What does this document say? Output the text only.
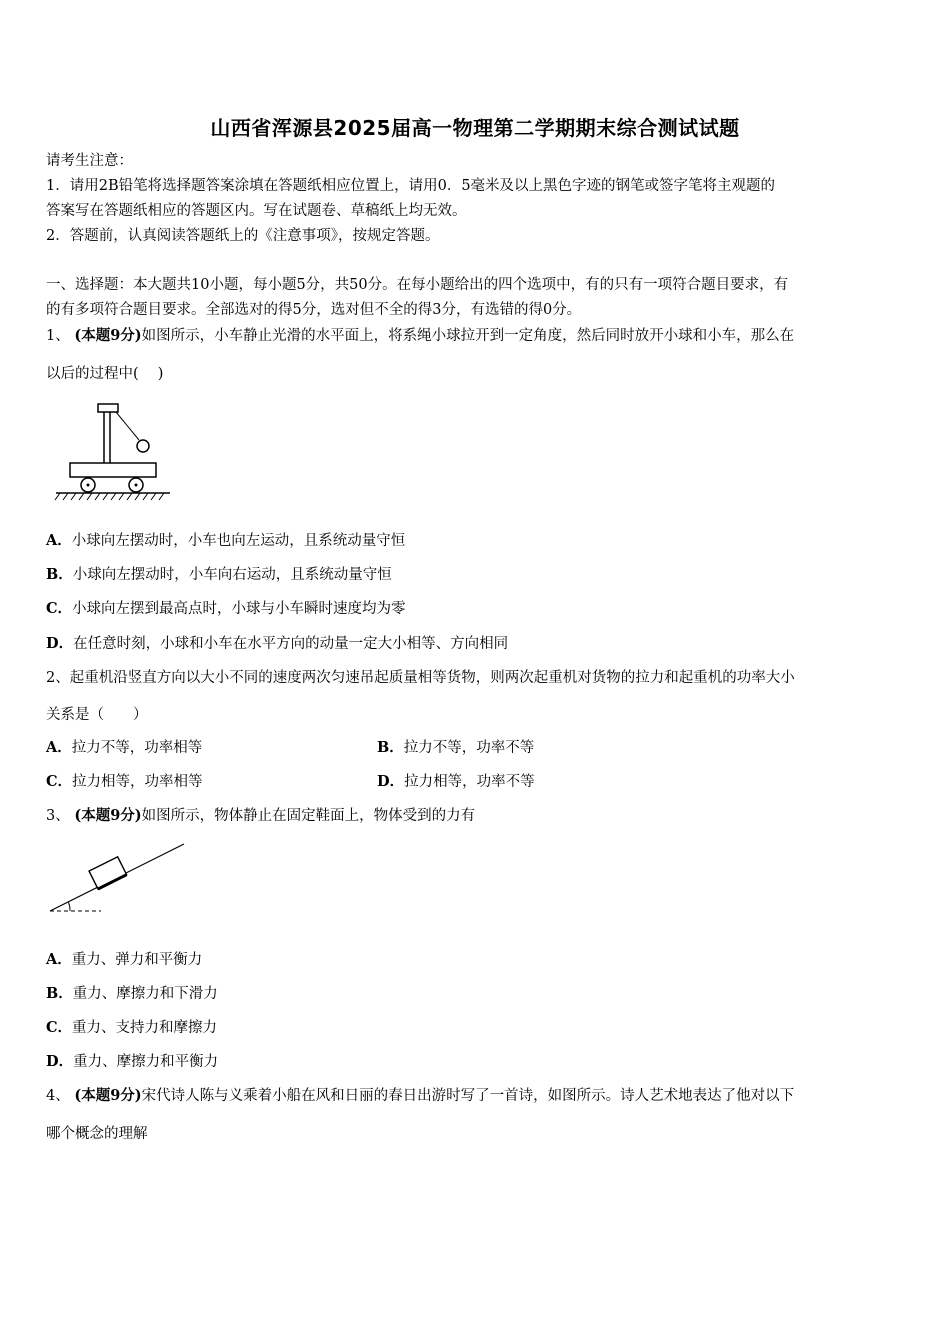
山西省浑源县2025届高一物理第二学期期末综合测试试题
请考生注意：
1．请用2B铅笔将选择题答案涂填在答题纸相应位置上，请用0．5毫米及以上黑色字迹的钢笔或签字笔将主观题的
答案写在答题纸相应的答题区内。写在试题卷、草稿纸上均无效。
2．答题前，认真阅读答题纸上的《注意事项》，按规定答题。
一、选择题：本大题共10小题，每小题5分，共50分。在每小题给出的四个选项中，有的只有一项符合题目要求，有
的有多项符合题目要求。全部选对的得5分，选对但不全的得3分，有选错的得0分。
1、 (本题9分)如图所示，小车静止光滑的水平面上，将系绳小球拉开到一定角度，然后同时放开小球和小车，那么在
以后的过程中(　 )
A．小球向左摆动时，小车也向左运动，且系统动量守恒
B．小球向左摆动时，小车向右运动，且系统动量守恒
C．小球向左摆到最高点时，小球与小车瞬时速度均为零
D．在任意时刻，小球和小车在水平方向的动量一定大小相等、方向相同
2、起重机沿竖直方向以大小不同的速度两次匀速吊起质量相等货物，则两次起重机对货物的拉力和起重机的功率大小
关系是（　　）
A．拉力不等，功率相等	B．拉力不等，功率不等
C．拉力相等，功率相等	D．拉力相等，功率不等
3、 (本题9分)如图所示，物体静止在固定鞋面上，物体受到的力有
A．重力、弹力和平衡力
B．重力、摩擦力和下滑力
C．重力、支持力和摩擦力
D．重力、摩擦力和平衡力
4、 (本题9分)宋代诗人陈与义乘着小船在风和日丽的春日出游时写了一首诗，如图所示。诗人艺术地表达了他对以下
哪个概念的理解
